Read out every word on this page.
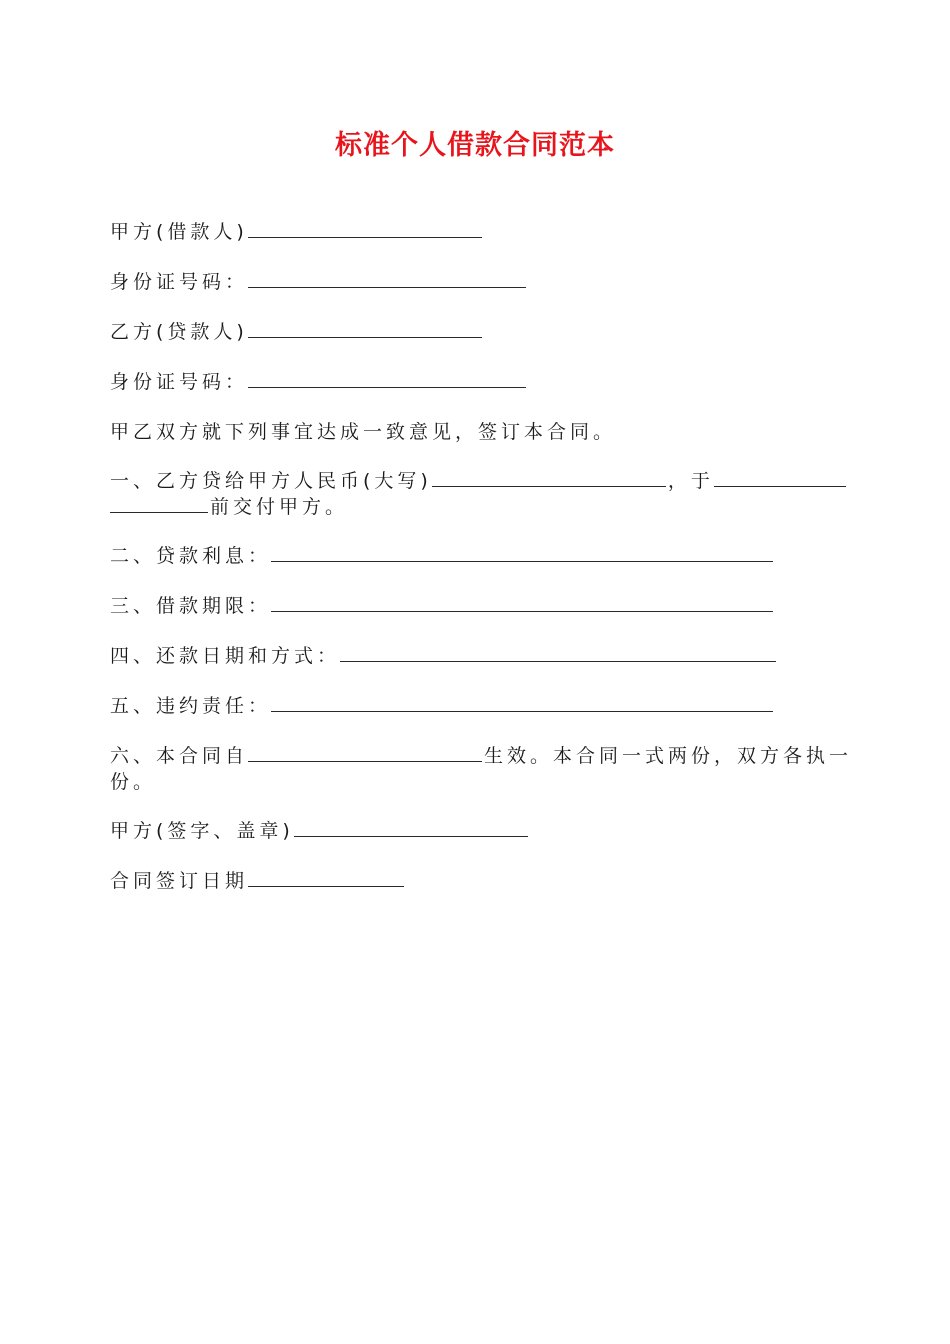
标准个人借款合同范本
甲方(借款人)
身份证号码：
乙方(贷款人)
身份证号码：
甲乙双方就下列事宜达成一致意见，签订本合同。
一、乙方贷给甲方人民币(大写)	，于
前交付甲方。
二、贷款利息：
三、借款期限：
四、还款日期和方式：
五、违约责任：
六、本合同自	生效。本合同一式两份，双方各执一
份。
甲方(签字、盖章)
合同签订日期
